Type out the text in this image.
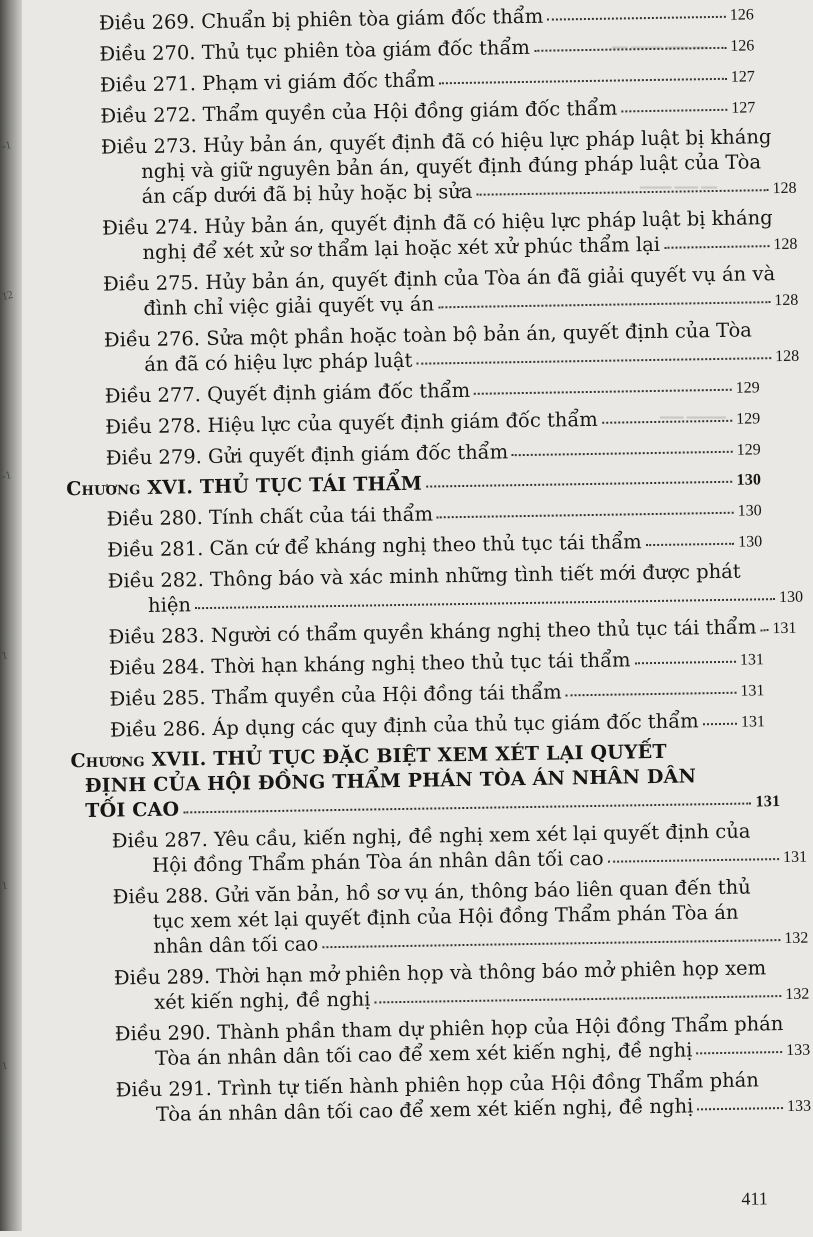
-1
12
-1
1
1
1
━━ ━━━━ ━━━ ━━
━━━━ ━━━ ━━
━━━ ━━━━━
Điều 269. Chuẩn bị phiên tòa giám đốc thẩm	126
Điều 270. Thủ tục phiên tòa giám đốc thẩm	126
Điều 271. Phạm vi giám đốc thẩm	127
Điều 272. Thẩm quyền của Hội đồng giám đốc thẩm	127
Điều 273. Hủy bản án, quyết định đã có hiệu lực pháp luật bị kháng
nghị và giữ nguyên bản án, quyết định đúng pháp luật của Tòa
án cấp dưới đã bị hủy hoặc bị sửa	128
Điều 274. Hủy bản án, quyết định đã có hiệu lực pháp luật bị kháng
nghị để xét xử sơ thẩm lại hoặc xét xử phúc thẩm lại	128
Điều 275. Hủy bản án, quyết định của Tòa án đã giải quyết vụ án và
đình chỉ việc giải quyết vụ án	128
Điều 276. Sửa một phần hoặc toàn bộ bản án, quyết định của Tòa
án đã có hiệu lực pháp luật	128
Điều 277. Quyết định giám đốc thẩm	129
Điều 278. Hiệu lực của quyết định giám đốc thẩm	129
Điều 279. Gửi quyết định giám đốc thẩm	129
Chương XVI. THỦ TỤC TÁI THẨM	130
Điều 280. Tính chất của tái thẩm	130
Điều 281. Căn cứ để kháng nghị theo thủ tục tái thẩm	130
Điều 282. Thông báo và xác minh những tình tiết mới được phát
hiện	130
Điều 283. Người có thẩm quyền kháng nghị theo thủ tục tái thẩm 131
Điều 284. Thời hạn kháng nghị theo thủ tục tái thẩm	131
Điều 285. Thẩm quyền của Hội đồng tái thẩm	131
Điều 286. Áp dụng các quy định của thủ tục giám đốc thẩm	131
Chương XVII. THỦ TỤC ĐẶC BIỆT XEM XÉT LẠI QUYẾT
ĐỊNH CỦA HỘI ĐỒNG THẨM PHÁN TÒA ÁN NHÂN DÂN
TỐI CAO	131
Điều 287. Yêu cầu, kiến nghị, đề nghị xem xét lại quyết định của
Hội đồng Thẩm phán Tòa án nhân dân tối cao	131
Điều 288. Gửi văn bản, hồ sơ vụ án, thông báo liên quan đến thủ
tục xem xét lại quyết định của Hội đồng Thẩm phán Tòa án
nhân dân tối cao	132
Điều 289. Thời hạn mở phiên họp và thông báo mở phiên họp xem
xét kiến nghị, đề nghị	132
Điều 290. Thành phần tham dự phiên họp của Hội đồng Thẩm phán
Tòa án nhân dân tối cao để xem xét kiến nghị, đề nghị	133
Điều 291. Trình tự tiến hành phiên họp của Hội đồng Thẩm phán
Tòa án nhân dân tối cao để xem xét kiến nghị, đề nghị	133
411
